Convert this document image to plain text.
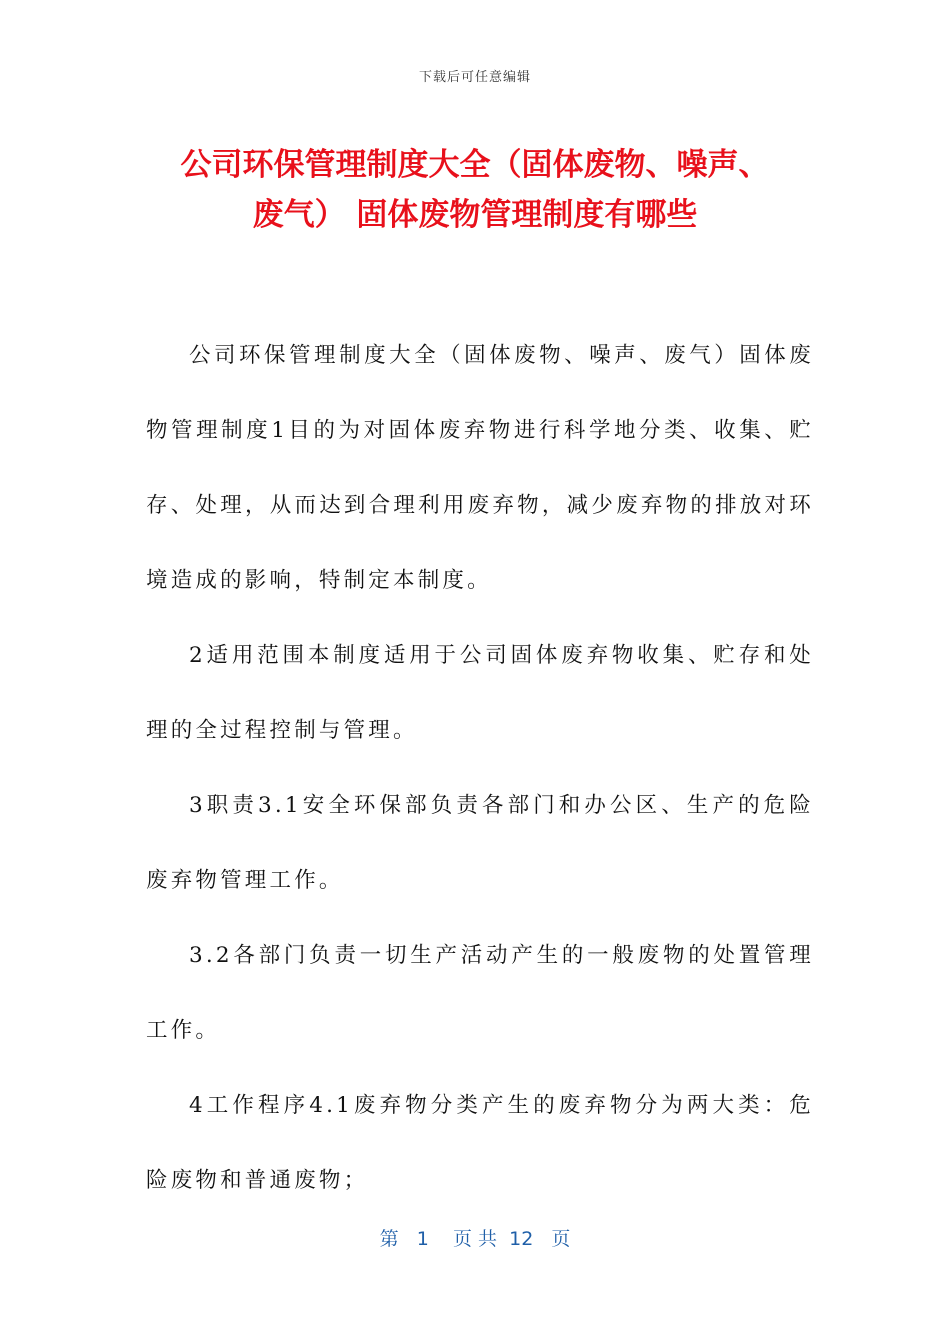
下载后可任意编辑
公司环保管理制度大全（固体废物、噪声、
废气） 固体废物管理制度有哪些

公司环保管理制度大全（固体废物、噪声、废气）固体废物管理制度1目的为对固体废弃物进行科学地分类、收集、贮存、处理，从而达到合理利用废弃物，减少废弃物的排放对环境造成的影响，特制定本制度。

2适用范围本制度适用于公司固体废弃物收集、贮存和处理的全过程控制与管理。

3职责3.1安全环保部负责各部门和办公区、生产的危险废弃物管理工作。

3.2各部门负责一切生产活动产生的一般废物的处置管理工作。

4工作程序4.1废弃物分类产生的废弃物分为两大类：危险废物和普通废物；

第 1 页 共 12 页
